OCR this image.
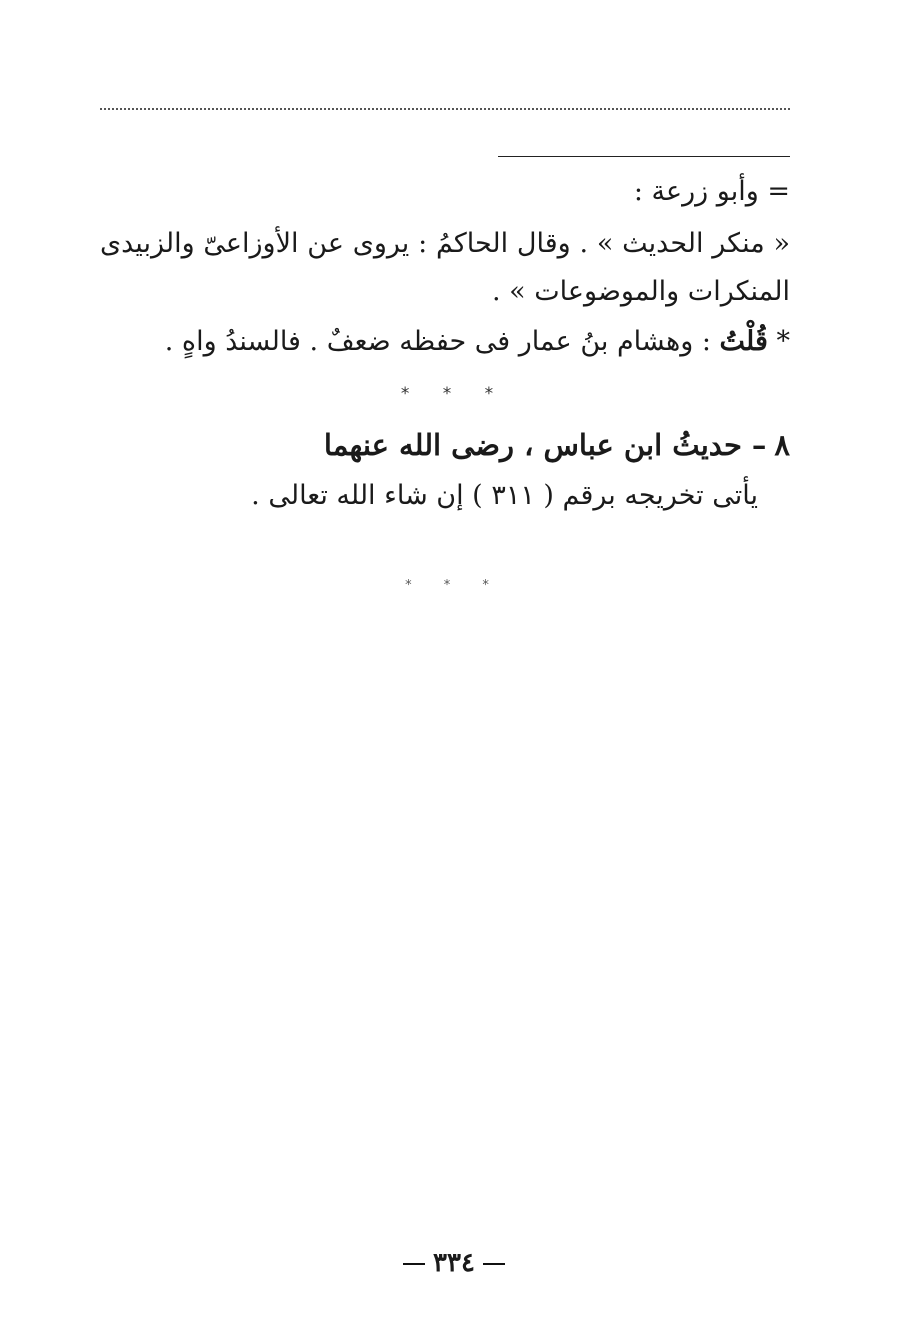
= وأبو زرعة :
« منكر الحديث » . وقال الحاكمُ : يروى عن الأوزاعىّ والزبيدى
المنكرات والموضوعات » .
* قُلْتُ : وهشام بنُ عمار فى حفظه ضعفٌ . فالسندُ واهٍ .
* * *
٨–حديثُ ابن عباس ، رضى الله عنهما
يأتى تخريجه برقم ( ٣١١ ) إن شاء الله تعالى .
* * *
٣٣٤
